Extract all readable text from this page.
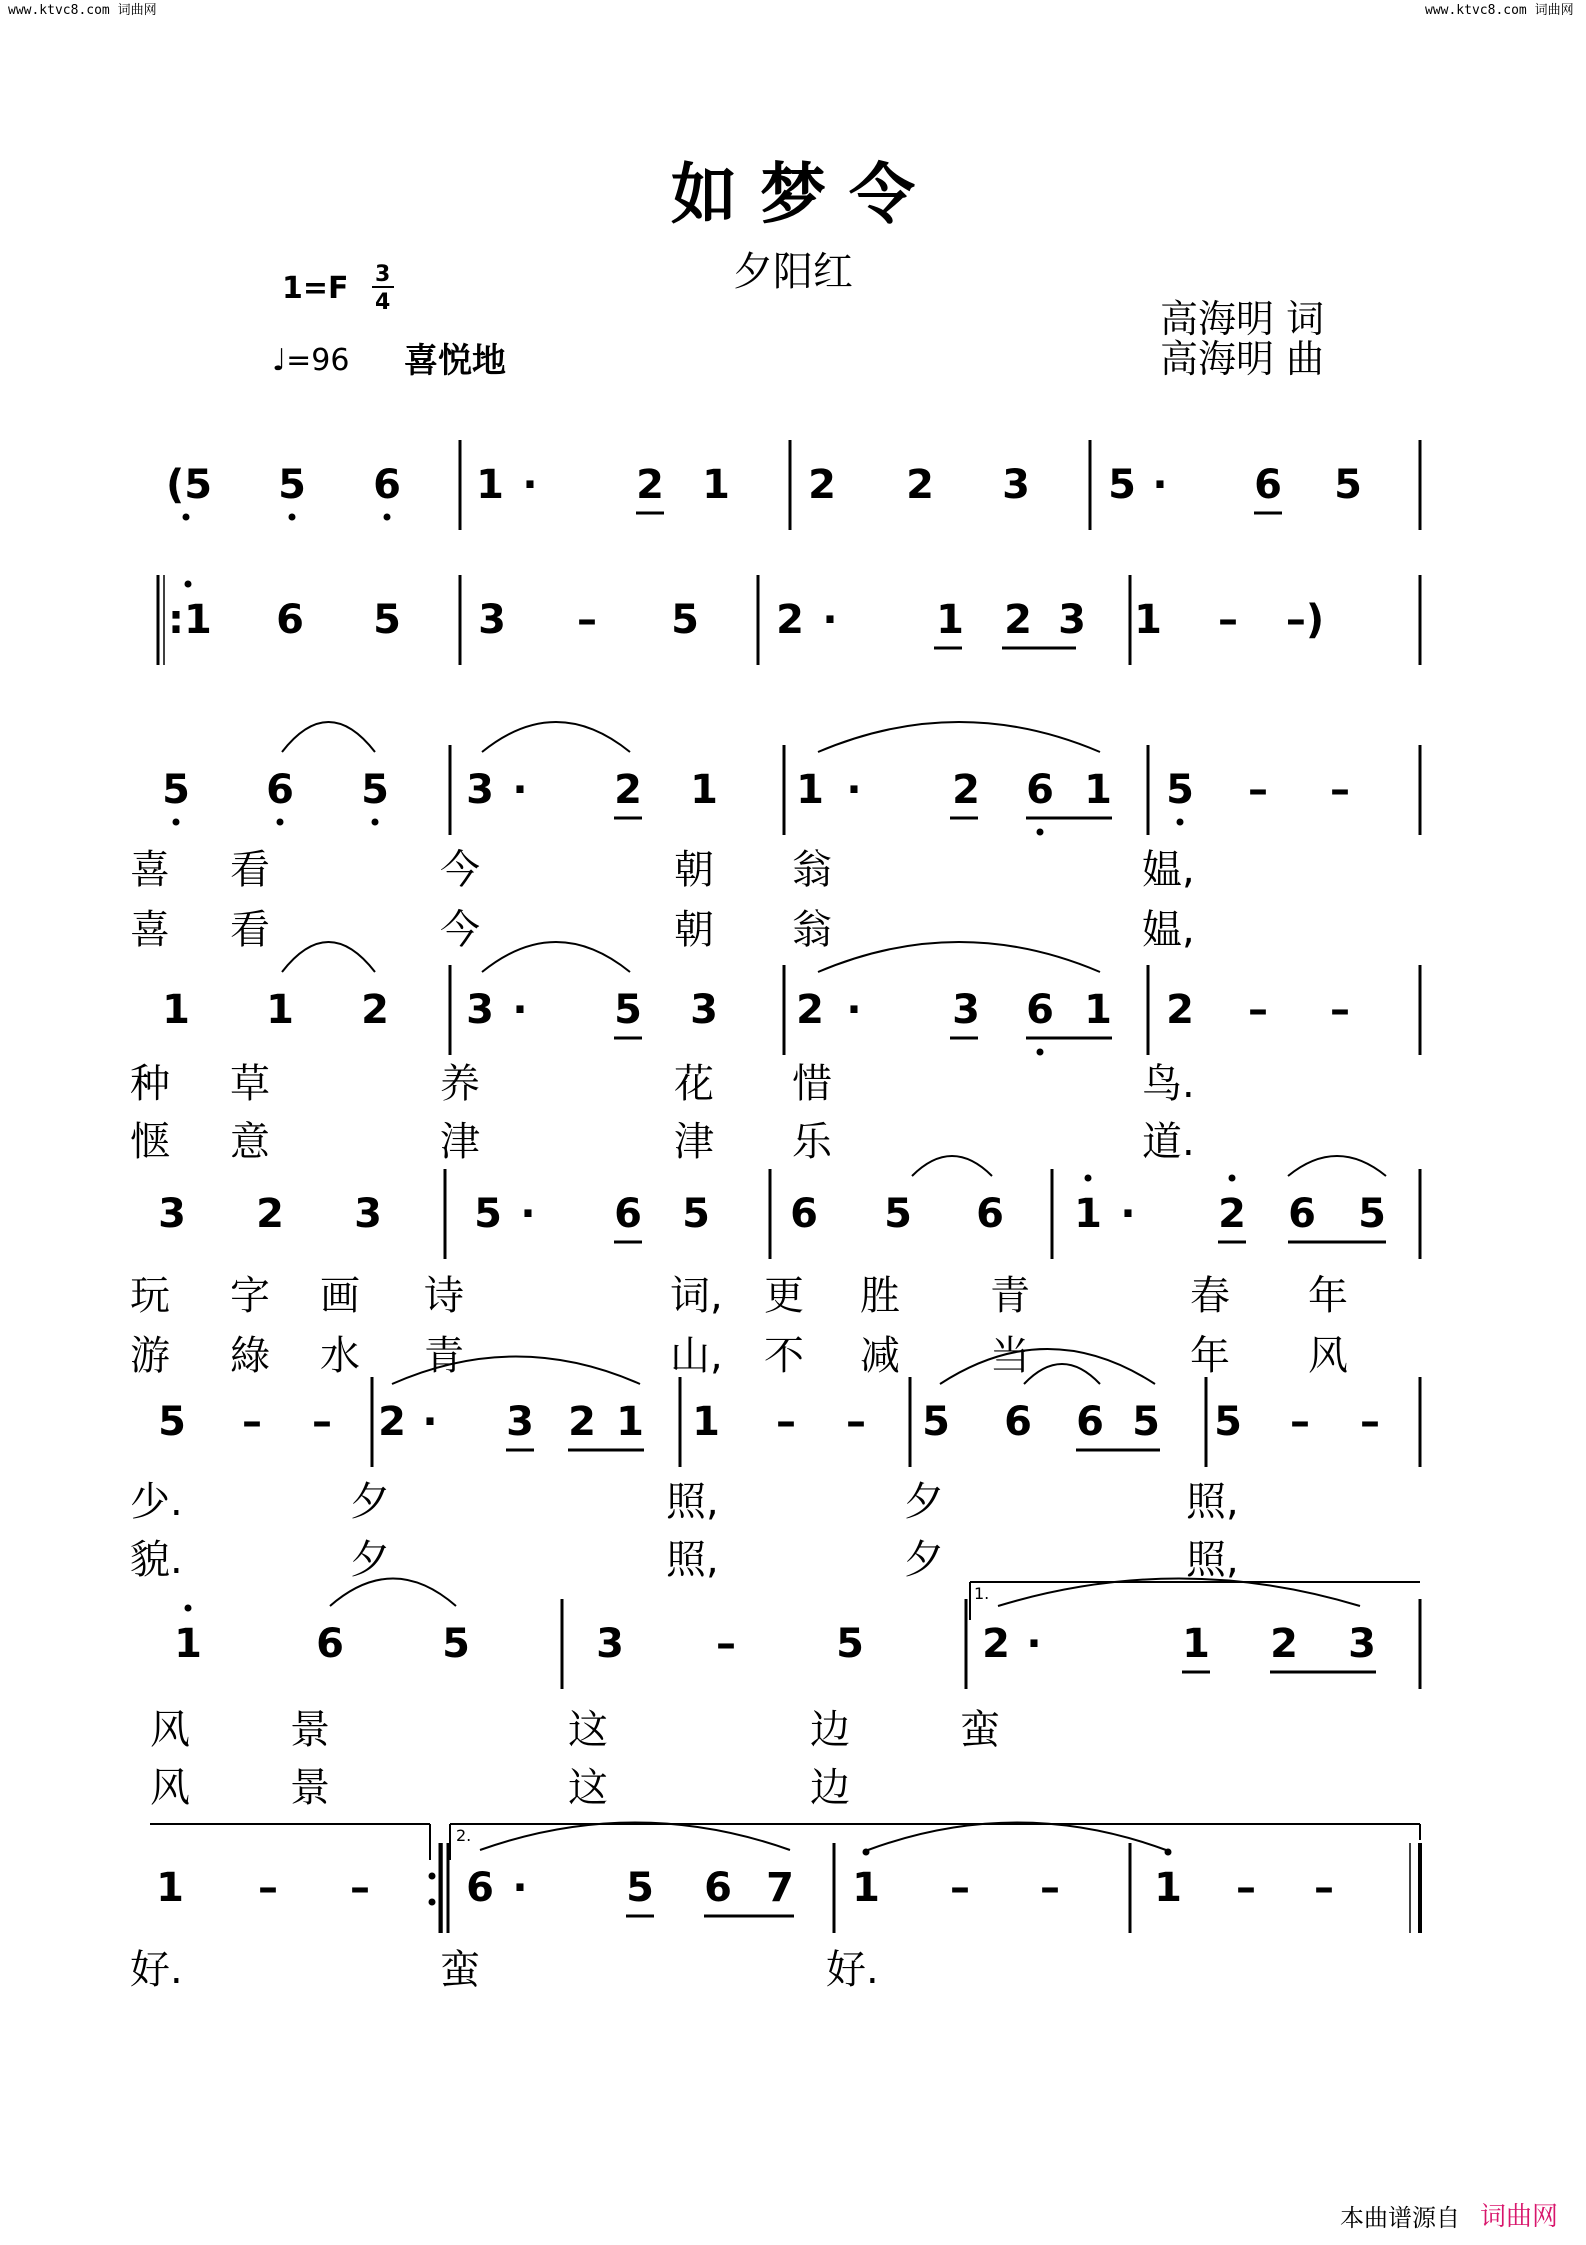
www.ktvc8.com 词曲网	www.ktvc8.com 词曲网
如 梦 令
夕阳红
高海明 词
高海明 曲
1=F 3
4
♩=96 喜悦地
(5 5 6 1 ·	2 1 2 2 3 5 ·	6 5
:1 6 5 3 – 5 2 ·	1 2 3 1 – –)
5 6 5 3 ·	2 1 1 ·	2 6 1 5 – –
喜 看	今	朝 翁	媪,
喜 看	今	朝 翁	媪,
1 1 2 3 ·	5 3 2 ·	3 6 1 2 – –
种 草	养	花 惜	鸟.
惬 意	津	津 乐	道.
3 2 3 5 ·	6 5 6 5 6 1 ·	2 6 5
玩 字 画 诗	词, 更 胜 青	春 年
游 綠 水 青	山, 不 减 当	年 风
5 – – 2 ·	3 2 1 1 – – 5 6 6 5 5 – –
少.	夕	照,	夕	照,
貌.	夕	照,	夕	照,
1	6 5	3 –	5	2 ·	1 2 3
风	景	这	边	蛮
风	景	这	边
1 – – 6 ·	5 6 7 1 – – 1 – –
好.	蛮	好.
1.
2.
本曲谱源自 词曲网
